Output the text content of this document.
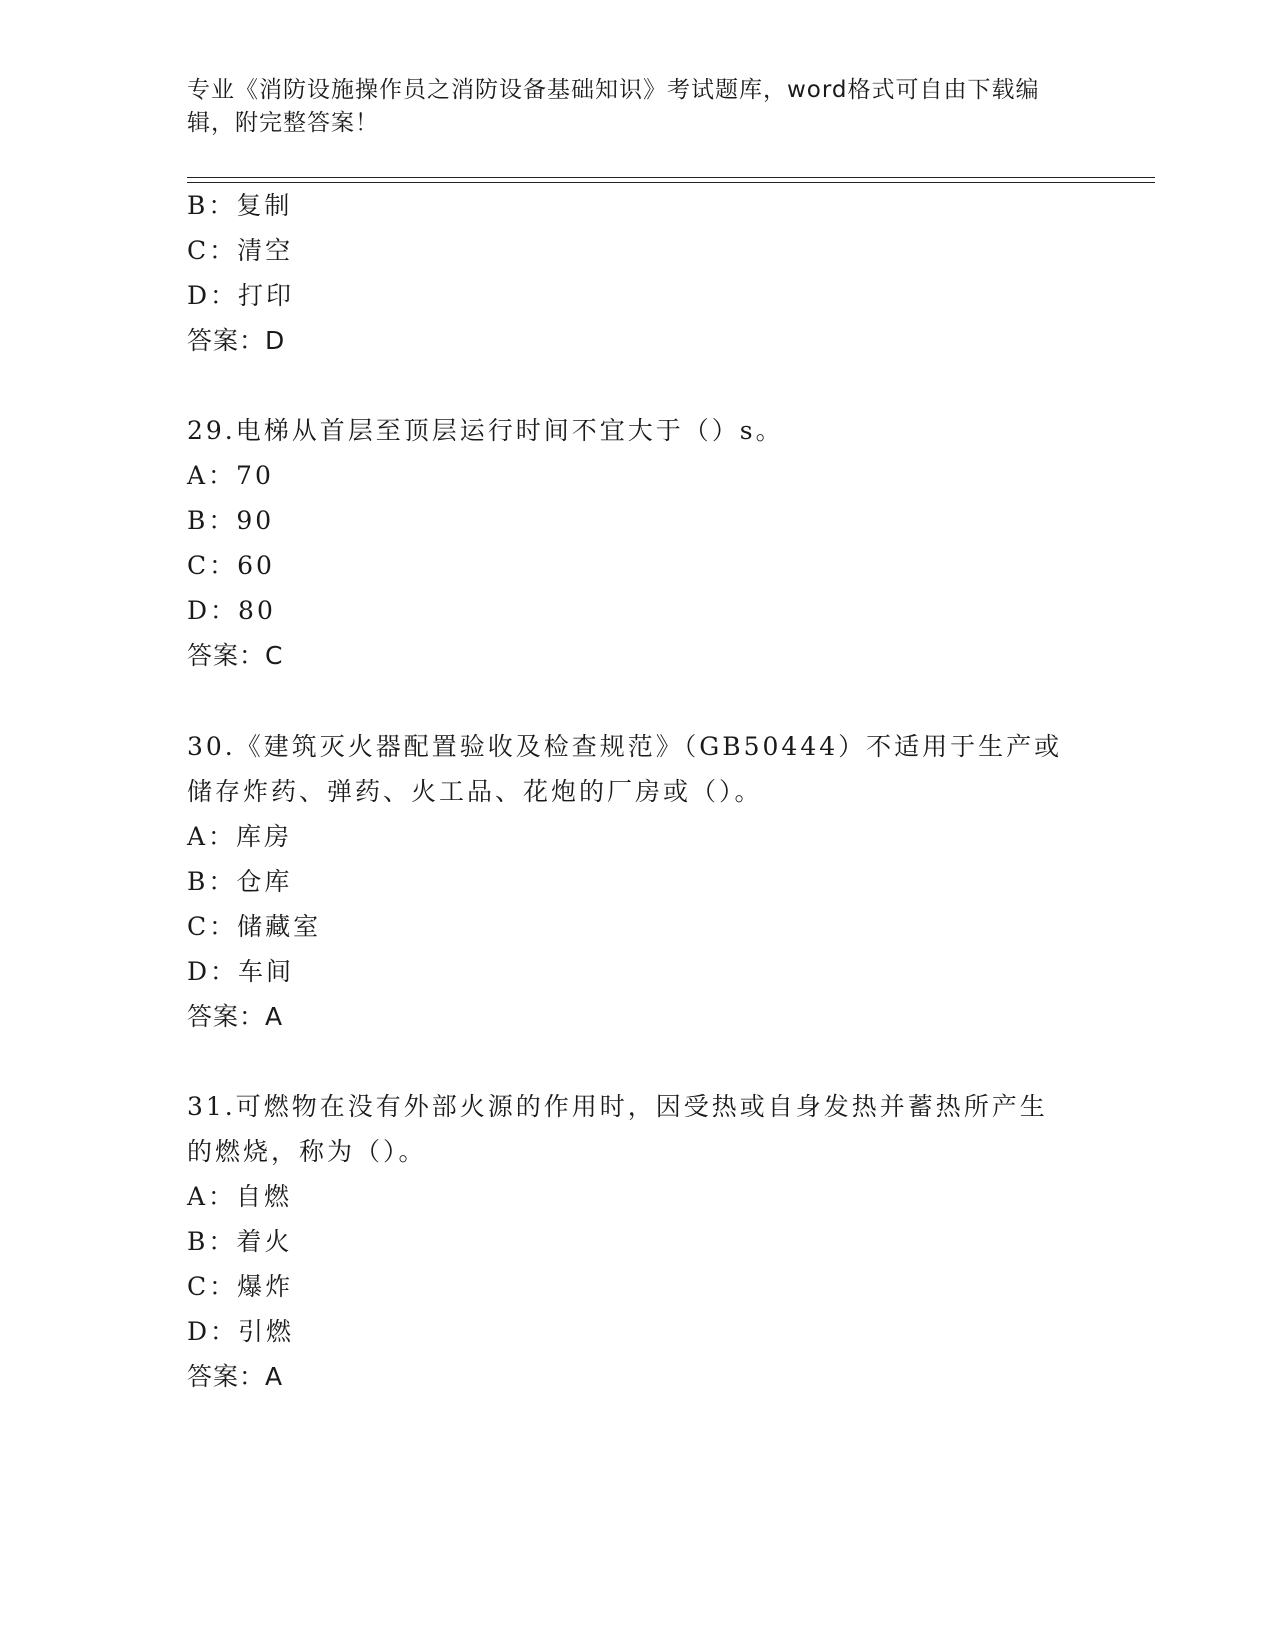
专业《消防设施操作员之消防设备基础知识》考试题库，word格式可自由下载编
辑，附完整答案！
B：复制
C：清空
D：打印
答案：D
29.电梯从首层至顶层运行时间不宜大于（）s。
A：70
B：90
C：60
D：80
答案：C
30.《建筑灭火器配置验收及检查规范》（GB50444）不适用于生产或
储存炸药、弹药、火工品、花炮的厂房或（）。
A：库房
B：仓库
C：储藏室
D：车间
答案：A
31.可燃物在没有外部火源的作用时，因受热或自身发热并蓄热所产生
的燃烧，称为（）。
A：自燃
B：着火
C：爆炸
D：引燃
答案：A
